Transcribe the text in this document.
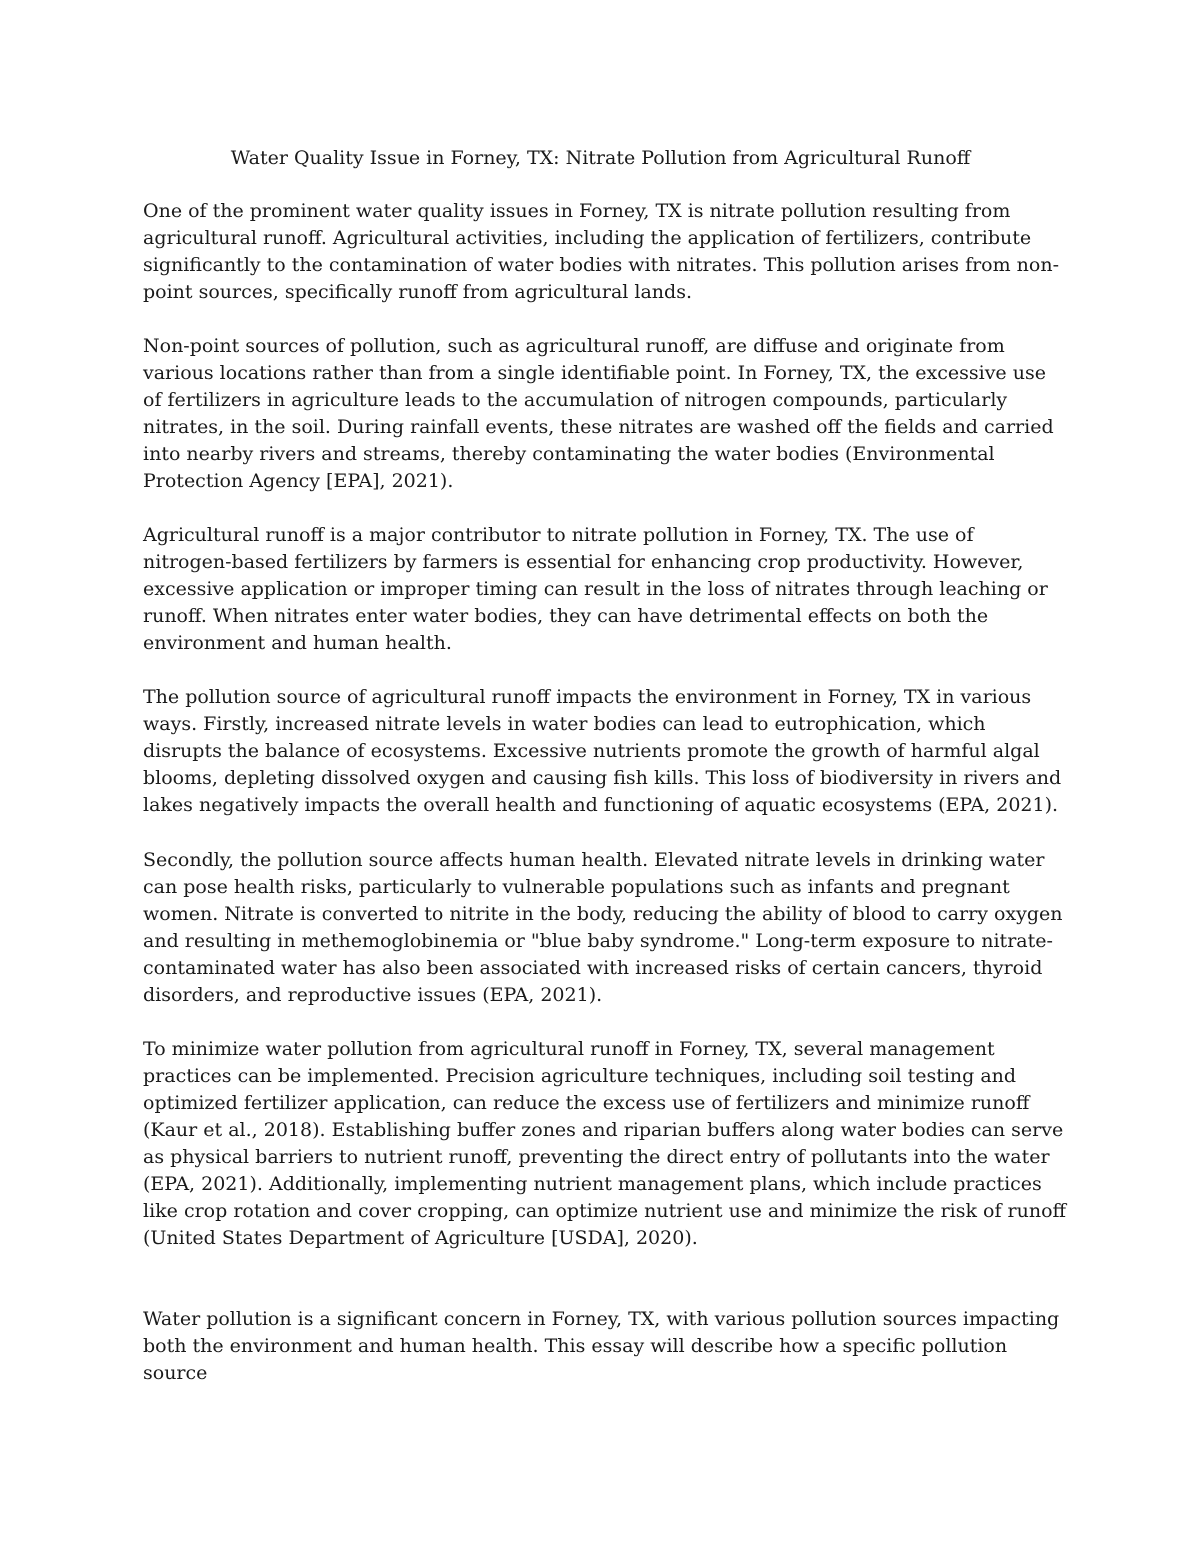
Water Quality Issue in Forney, TX: Nitrate Pollution from Agricultural Runoff

One of the prominent water quality issues in Forney, TX is nitrate pollution resulting from agricultural runoff. Agricultural activities, including the application of fertilizers, contribute significantly to the contamination of water bodies with nitrates. This pollution arises from non-point sources, specifically runoff from agricultural lands.

Non-point sources of pollution, such as agricultural runoff, are diffuse and originate from various locations rather than from a single identifiable point. In Forney, TX, the excessive use of fertilizers in agriculture leads to the accumulation of nitrogen compounds, particularly nitrates, in the soil. During rainfall events, these nitrates are washed off the fields and carried into nearby rivers and streams, thereby contaminating the water bodies (Environmental Protection Agency [EPA], 2021).

Agricultural runoff is a major contributor to nitrate pollution in Forney, TX. The use of nitrogen-based fertilizers by farmers is essential for enhancing crop productivity. However, excessive application or improper timing can result in the loss of nitrates through leaching or runoff. When nitrates enter water bodies, they can have detrimental effects on both the environment and human health.

The pollution source of agricultural runoff impacts the environment in Forney, TX in various ways. Firstly, increased nitrate levels in water bodies can lead to eutrophication, which disrupts the balance of ecosystems. Excessive nutrients promote the growth of harmful algal blooms, depleting dissolved oxygen and causing fish kills. This loss of biodiversity in rivers and lakes negatively impacts the overall health and functioning of aquatic ecosystems (EPA, 2021).

Secondly, the pollution source affects human health. Elevated nitrate levels in drinking water can pose health risks, particularly to vulnerable populations such as infants and pregnant women. Nitrate is converted to nitrite in the body, reducing the ability of blood to carry oxygen and resulting in methemoglobinemia or "blue baby syndrome." Long-term exposure to nitrate-contaminated water has also been associated with increased risks of certain cancers, thyroid disorders, and reproductive issues (EPA, 2021).

To minimize water pollution from agricultural runoff in Forney, TX, several management practices can be implemented. Precision agriculture techniques, including soil testing and optimized fertilizer application, can reduce the excess use of fertilizers and minimize runoff (Kaur et al., 2018). Establishing buffer zones and riparian buffers along water bodies can serve as physical barriers to nutrient runoff, preventing the direct entry of pollutants into the water (EPA, 2021). Additionally, implementing nutrient management plans, which include practices like crop rotation and cover cropping, can optimize nutrient use and minimize the risk of runoff (United States Department of Agriculture [USDA], 2020).

Water pollution is a significant concern in Forney, TX, with various pollution sources impacting both the environment and human health. This essay will describe how a specific pollution source
